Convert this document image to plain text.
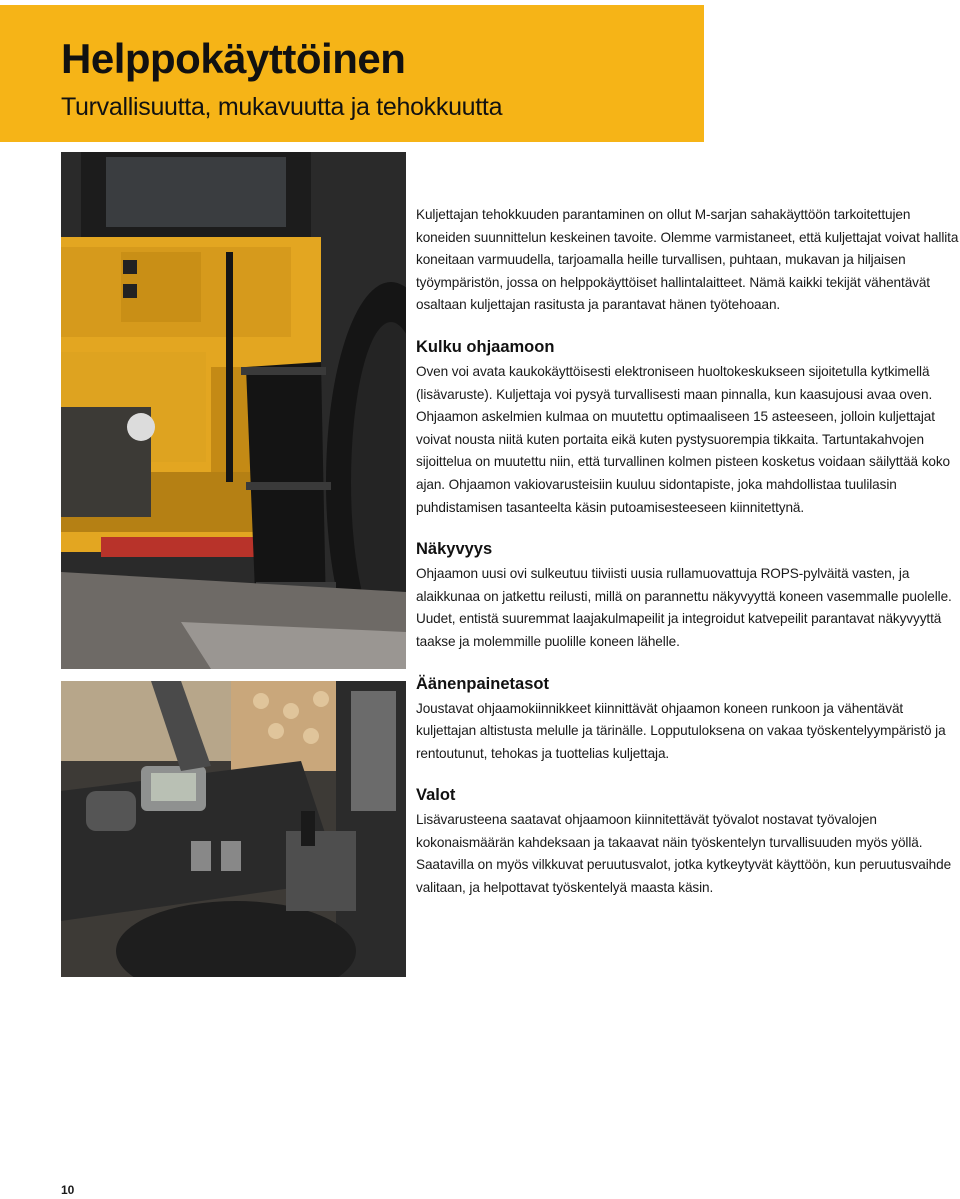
Helppokäyttöinen
Turvallisuutta, mukavuutta ja tehokkuutta

Kuljettajan tehokkuuden parantaminen on ollut M-sarjan sahakäyttöön tarkoitettujen koneiden suunnittelun keskeinen tavoite. Olemme varmistaneet, että kuljettajat voivat hallita koneitaan varmuudella, tarjoamalla heille turvallisen, puhtaan, mukavan ja hiljaisen työympäristön, jossa on helppokäyttöiset hallintalaitteet. Nämä kaikki tekijät vähentävät osaltaan kuljettajan rasitusta ja parantavat hänen työtehoaan.

Kulku ohjaamoon

Oven voi avata kaukokäyttöisesti elektroniseen huoltokeskukseen sijoitetulla kytkimellä (lisävaruste). Kuljettaja voi pysyä turvallisesti maan pinnalla, kun kaasujousi avaa oven. Ohjaamon askelmien kulmaa on muutettu optimaaliseen 15 asteeseen, jolloin kuljettajat voivat nousta niitä kuten portaita eikä kuten pystysuorempia tikkaita. Tartuntakahvojen sijoittelua on muutettu niin, että turvallinen kolmen pisteen kosketus voidaan säilyttää koko ajan. Ohjaamon vakiovarusteisiin kuuluu sidontapiste, joka mahdollistaa tuulilasin puhdistamisen tasanteelta käsin putoamisesteeseen kiinnitettynä.

Näkyvyys

Ohjaamon uusi ovi sulkeutuu tiiviisti uusia rullamuovattuja ROPS-pylväitä vasten, ja alaikkunaa on jatkettu reilusti, millä on parannettu näkyvyyttä koneen vasemmalle puolelle. Uudet, entistä suuremmat laajakulmapeilit ja integroidut katvepeilit parantavat näkyvyyttä taakse ja molemmille puolille koneen lähelle.

Äänenpainetasot

Joustavat ohjaamokiinnikkeet kiinnittävät ohjaamon koneen runkoon ja vähentävät kuljettajan altistusta melulle ja tärinälle. Lopputuloksena on vakaa työskentelyympäristö ja rentoutunut, tehokas ja tuottelias kuljettaja.

Valot

Lisävarusteena saatavat ohjaamoon kiinnitettävät työvalot nostavat työvalojen kokonaismäärän kahdeksaan ja takaavat näin työskentelyn turvallisuuden myös yöllä. Saatavilla on myös vilkkuvat peruutusvalot, jotka kytkeytyvät käyttöön, kun peruutusvaihde valitaan, ja helpottavat työskentelyä maasta käsin.

10
